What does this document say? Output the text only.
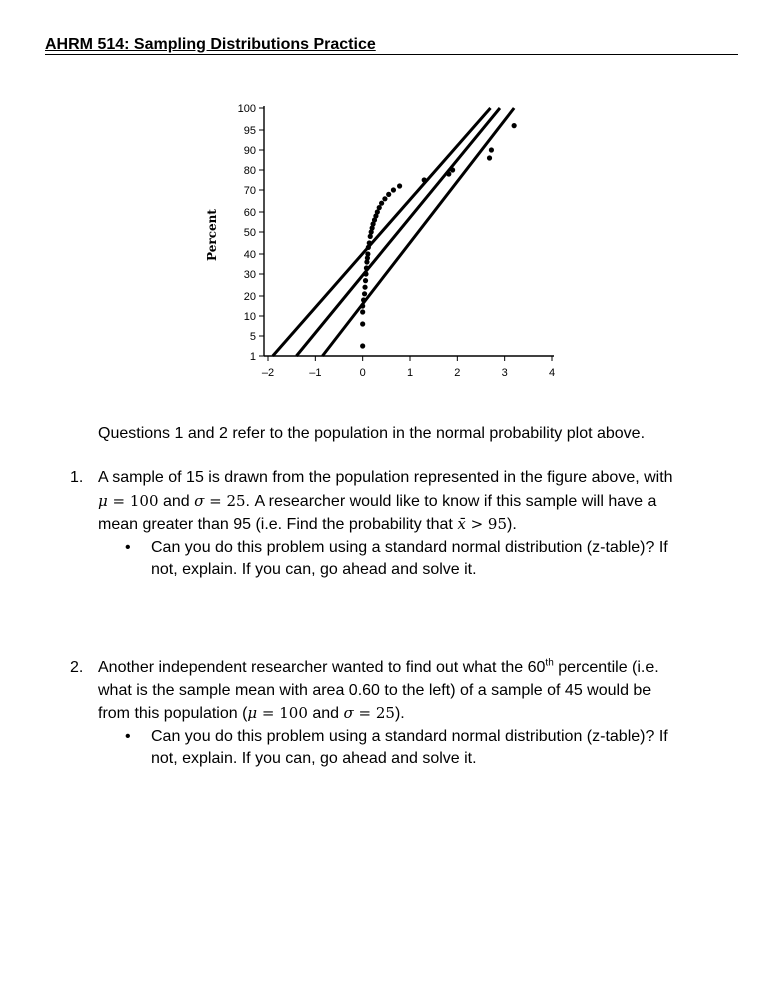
AHRM 514: Sampling Distributions Practice
1
5
10
20
30
40
50
60
70
80
90
95
100
–2	–1	0	1	2	3	4
Percent
Questions 1 and 2 refer to the population in the normal probability plot above.
1. A sample of 15 is drawn from the population represented in the figure above, with
μ = 100 and σ = 25. A researcher would like to know if this sample will have a
mean greater than 95 (i.e. Find the probability that x̄ > 95).
• Can you do this problem using a standard normal distribution (z-table)? If
not, explain. If you can, go ahead and solve it.
2. Another independent researcher wanted to find out what the 60th percentile (i.e.
what is the sample mean with area 0.60 to the left) of a sample of 45 would be
from this population (μ = 100 and σ = 25).
• Can you do this problem using a standard normal distribution (z-table)? If
not, explain. If you can, go ahead and solve it.
